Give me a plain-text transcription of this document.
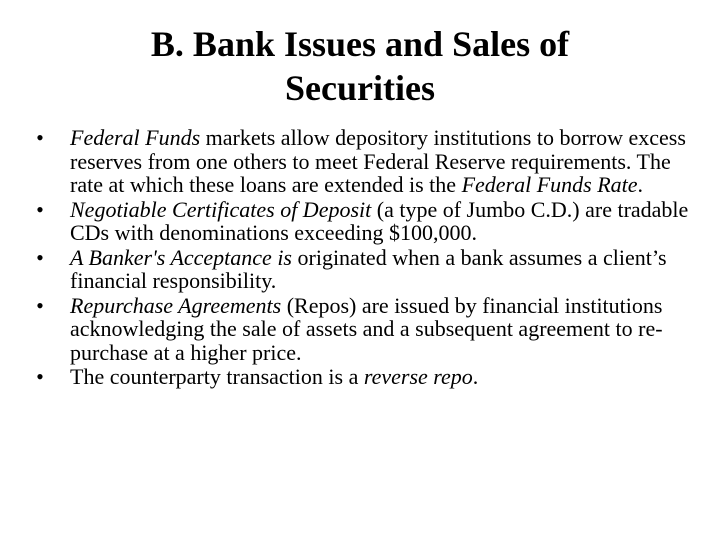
B. Bank Issues and Sales of
Securities
• Federal Funds markets allow depository institutions to borrow excess reserves from one others to meet Federal Reserve requirements. The rate at which these loans are extended is the Federal Funds Rate.
• Negotiable Certificates of Deposit (a type of Jumbo C.D.) are tradable CDs with denominations exceeding $100,000.
• A Banker's Acceptance is originated when a bank assumes a client’s financial responsibility.
• Repurchase Agreements (Repos) are issued by financial institutions acknowledging the sale of assets and a subsequent agreement to re-purchase at a higher price.
• The counterparty transaction is a reverse repo.
